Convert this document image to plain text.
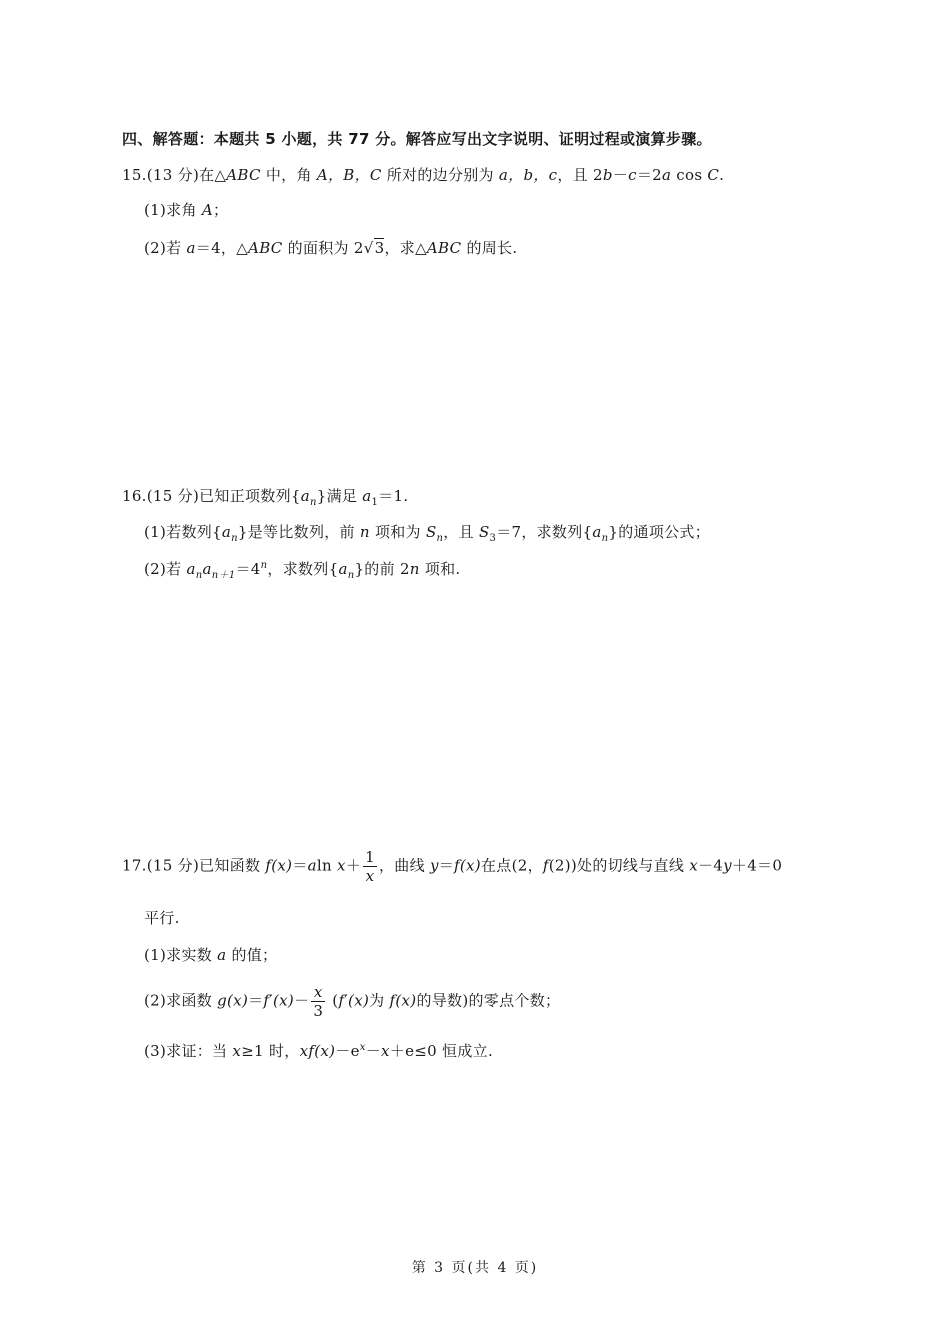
四、解答题：本题共 5 小题，共 77 分。解答应写出文字说明、证明过程或演算步骤。
15.(13 分)在△ABC 中，角 A，B，C 所对的边分别为 a，b，c，且 2b－c＝2a cos C.
(1)求角 A；
(2)若 a＝4，△ABC 的面积为 2√3，求△ABC 的周长.
16.(15 分)已知正项数列$\{a_n\}$满足 $a_1=1$.
(1)若数列$\{a_n\}$是等比数列，前 n 项和为 $S_n$，且 $S_3=7$，求数列$\{a_n\}$的通项公式；
(2)若 $a_na_{n+1}=4^n$，求数列$\{a_n\}$的前 2n 项和.
17.(15 分)已知函数 f(x)＝aln $x+ \frac{1}{x}$ ，曲线 y＝f(x)在点(2，f(2))处的切线与直线 x－4y＋4＝0
平行.
(1)求实数 a 的值；
(2)求函数 $g(x)=f'(x)- \frac{x}{3} (f'(x)$为 f(x)的导数)的零点个数；
(3)求证：当 x≥1 时，$xf(x)-e^x-x+e\le 0$ 恒成立.
第 3 页(共 4 页)
